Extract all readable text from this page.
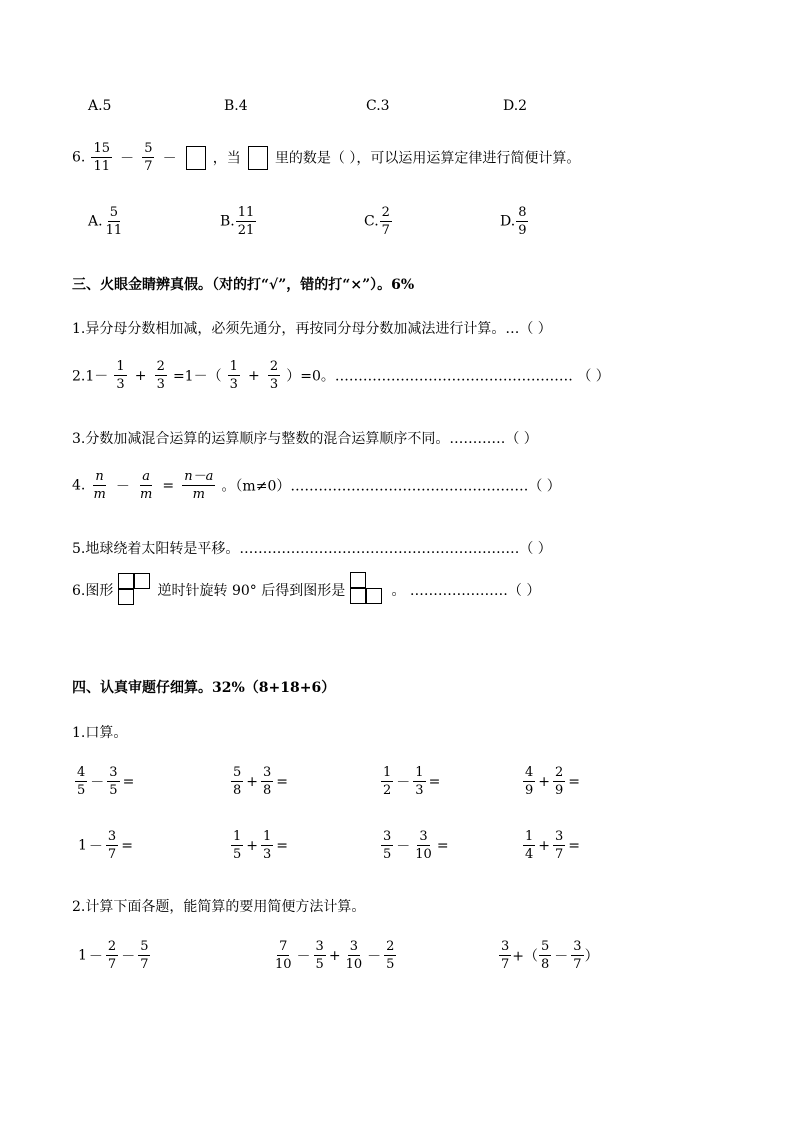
A.5	B.4	C.3	D.2
6. $\frac{15}{11} - \frac{5}{7}$ －	，当 里的数是（ ），可以运用运算定律进行简便计算。
A. $\frac{5}{11}$	B. $\frac{11}{21}$	C. $\frac{2}{7}$	D. $\frac{8}{9}$
三、火眼金睛辨真假。（对的打“√”，错的打“×”）。6%
1.异分母分数相加减，必须先通分，再按同分母分数加减法进行计算。…（ ）
$2.1- \frac{1}{3} + \frac{2}{3} =1-( \frac{1}{3} + \frac{2}{3} )=0$。…………………………………………… （ ）
3.分数加减混合运算的运算顺序与整数的混合运算顺序不同。…………（ ）
4. $\frac{n}{m} - \frac{a}{m} = \frac{n-a}{m}$ 。（m≠0）……………………………………………（ ）
5.地球绕着太阳转是平移。……………………………………………………（ ）
6.图形	逆时针旋转 90° 后得到图形是	。 …………………（ ）
四、认真审题仔细算。32%（8+18+6）
1.口算。
$\frac{4}{5} - \frac{3}{5}$ =	$\frac{5}{8} + \frac{3}{8}$ =	$\frac{1}{2} - \frac{1}{3}$ =	$\frac{4}{9} + \frac{2}{9}$ =
$1 - \frac{3}{7}$ =	$\frac{1}{5} + \frac{1}{3}$ =	$\frac{3}{5} - \frac{3}{10}$ =	$\frac{1}{4} + \frac{3}{7}$ =
2.计算下面各题，能简算的要用简便方法计算。
$1 - \frac{2}{7} - \frac{5}{7}$	$\frac{7}{10} - \frac{3}{5} + \frac{3}{10} - \frac{2}{5}$	$\frac{3}{7}$ +（ $\frac{5}{8} - \frac{3}{7}$ ）
